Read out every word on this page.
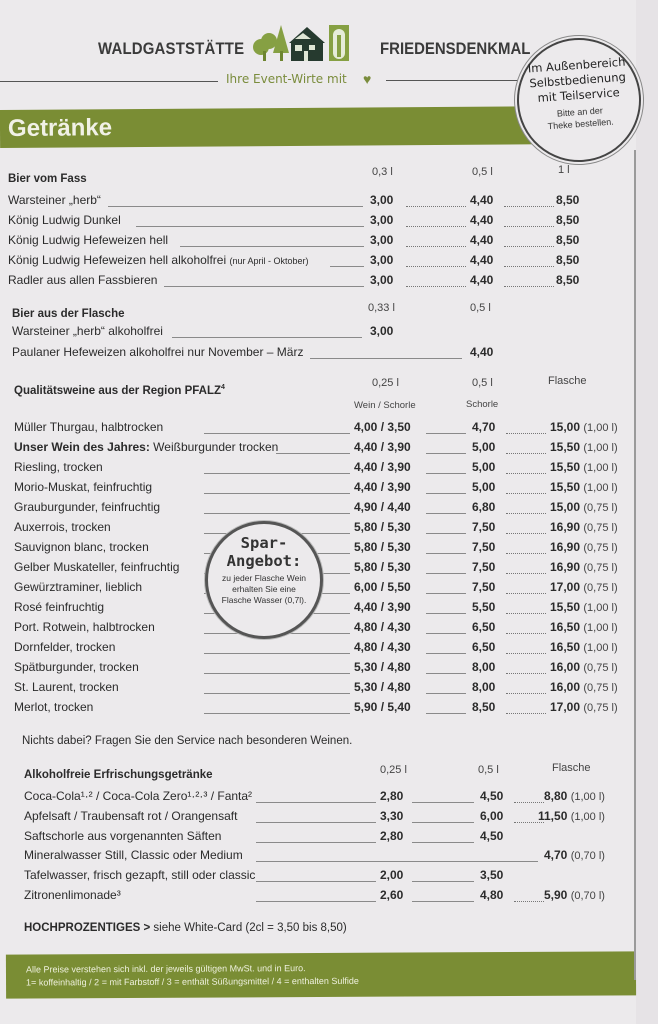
WALDGASTSTÄTTE	FRIEDENSDENKMAL
Ihre Event-Wirte mit ♥
Getränke
Im Außenbereich
Selbstbedienung
mit Teilservice
Bitte an der
Theke bestellen.
Bier vom Fass
0,3 l	0,5 l	1 l
Warsteiner „herb“	3,00	4,40	8,50
König Ludwig Dunkel	3,00	4,40	8,50
König Ludwig Hefeweizen hell	3,00	4,40	8,50
König Ludwig Hefeweizen hell alkoholfrei (nur April - Oktober)	3,00	4,40	8,50
Radler aus allen Fassbieren	3,00	4,40	8,50
Bier aus der Flasche	0,33 l	0,5 l
Warsteiner „herb“ alkoholfrei	3,00
Paulaner Hefeweizen alkoholfrei nur November – März	4,40
Qualitätsweine aus der Region PFALZ$^4$	0,25 l	0,5 l	Flasche
Wein / Schorle	Schorle
Müller Thurgau, halbtrocken	4,00 / 3,50	4,70	15,00 (1,00 l)
Unser Wein des Jahres: Weißburgunder trocken	4,40 / 3,90	5,00	15,50 (1,00 l)
Riesling, trocken	4,40 / 3,90	5,00	15,50 (1,00 l)
Morio-Muskat, feinfruchtig	4,40 / 3,90	5,00	15,50 (1,00 l)
Grauburgunder, feinfruchtig	4,90 / 4,40	6,80	15,00 (0,75 l)
Auxerrois, trocken	5,80 / 5,30	7,50	16,90 (0,75 l)
Sauvignon blanc, trocken	5,80 / 5,30	7,50	16,90 (0,75 l)
Gelber Muskateller, feinfruchtig	5,80 / 5,30	7,50	16,90 (0,75 l)
Gewürztraminer, lieblich	6,00 / 5,50	7,50	17,00 (0,75 l)
Rosé feinfruchtig	4,40 / 3,90	5,50	15,50 (1,00 l)
Port. Rotwein, halbtrocken	4,80 / 4,30	6,50	16,50 (1,00 l)
Dornfelder, trocken	4,80 / 4,30	6,50	16,50 (1,00 l)
Spätburgunder, trocken	5,30 / 4,80	8,00	16,00 (0,75 l)
St. Laurent, trocken	5,30 / 4,80	8,00	16,00 (0,75 l)
Merlot, trocken	5,90 / 5,40	8,50	17,00 (0,75 l)
Spar-
Angebot:
zu jeder Flasche Wein
erhalten Sie eine
Flasche Wasser (0,7l).
Nichts dabei? Fragen Sie den Service nach besonderen Weinen.
Alkoholfreie Erfrischungsgetränke	0,25 l	0,5 l	Flasche
Coca-Cola¹·² / Coca-Cola Zero¹·²·³ / Fanta²	2,80	4,50	8,80 (1,00 l)
Apfelsaft / Traubensaft rot / Orangensaft	3,30	6,00	11,50 (1,00 l)
Saftschorle aus vorgenannten Säften	2,80	4,50
Mineralwasser Still, Classic oder Medium	4,70 (0,70 l)
Tafelwasser, frisch gezapft, still oder classic	2,00	3,50
Zitronenlimonade³	2,60	4,80	5,90 (0,70 l)
HOCHPROZENTIGES > siehe White-Card (2cl = 3,50 bis 8,50)
Alle Preise verstehen sich inkl. der jeweils gültigen MwSt. und in Euro.
1= koffeinhaltig / 2 = mit Farbstoff / 3 = enthält Süßungsmittel / 4 = enthalten Sulfide
